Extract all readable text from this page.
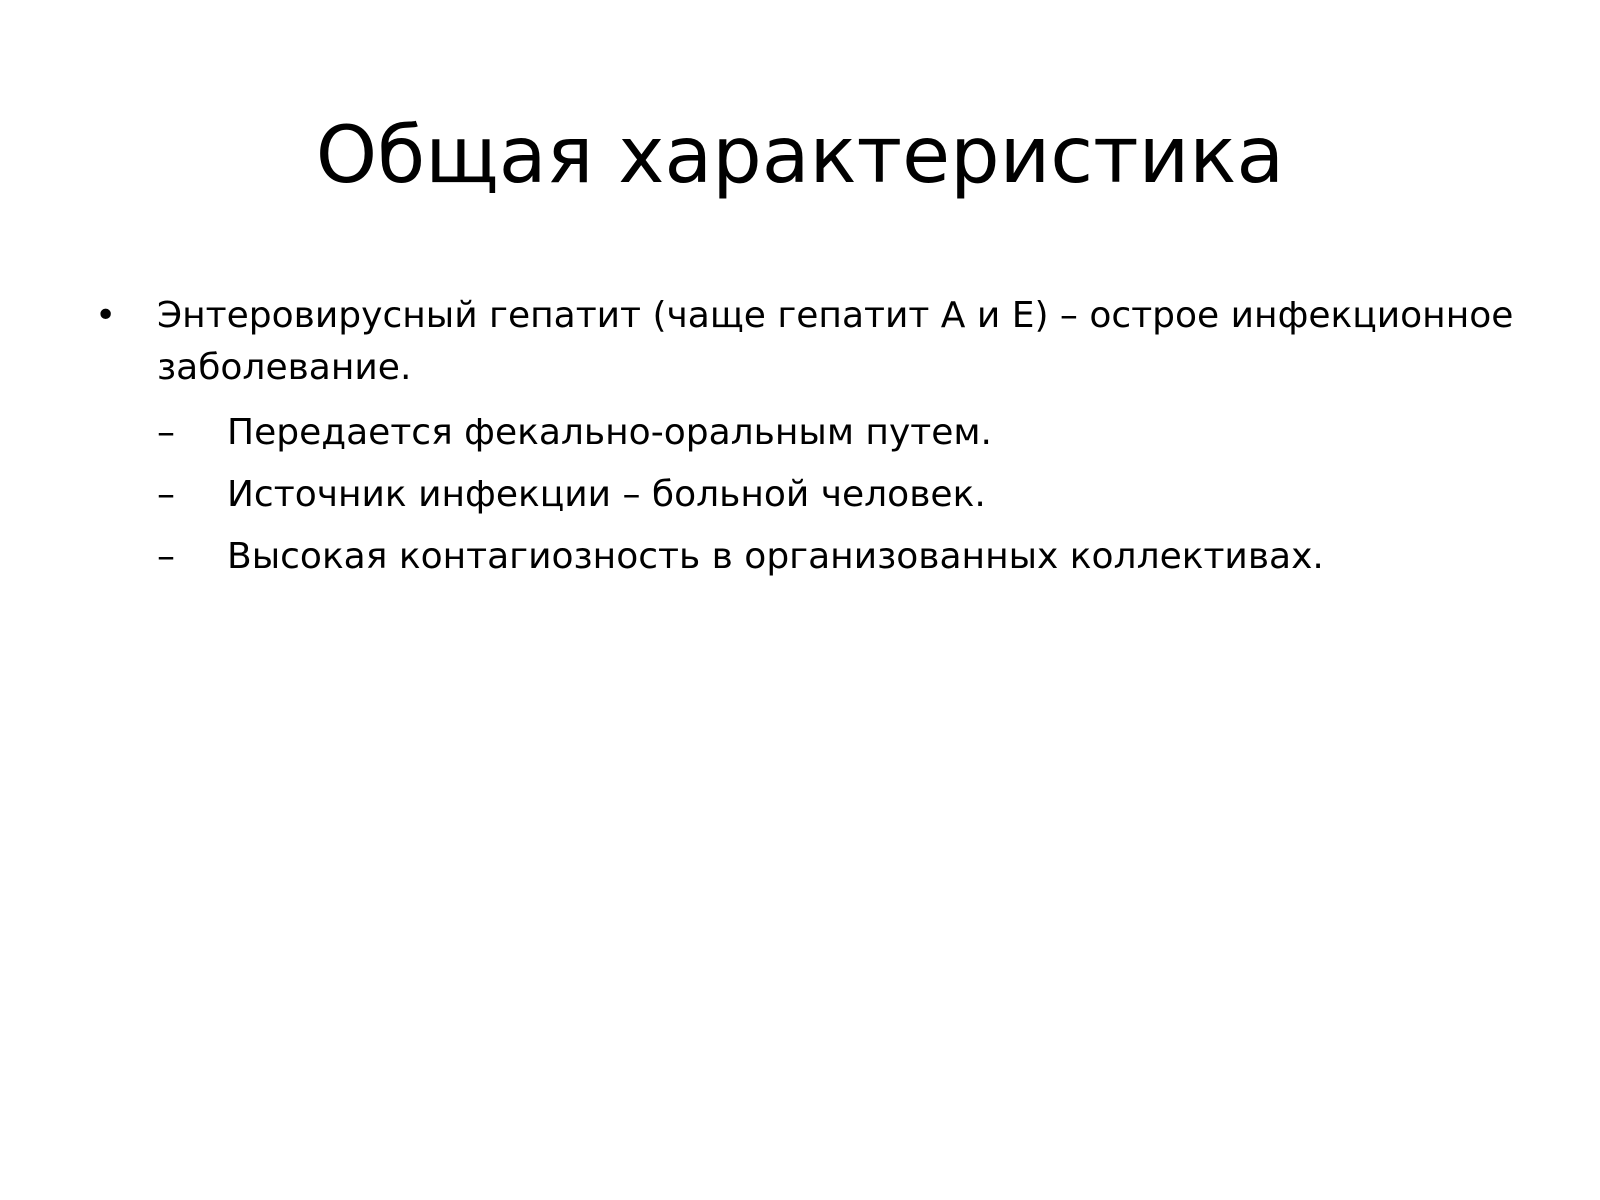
Общая характеристика
• Энтеровирусный гепатит (чаще гепатит А и Е) – острое инфекционное заболевание.
–	Передается фекально-оральным путем.
–	Источник инфекции – больной человек.
–	Высокая контагиозность в организованных коллективах.
